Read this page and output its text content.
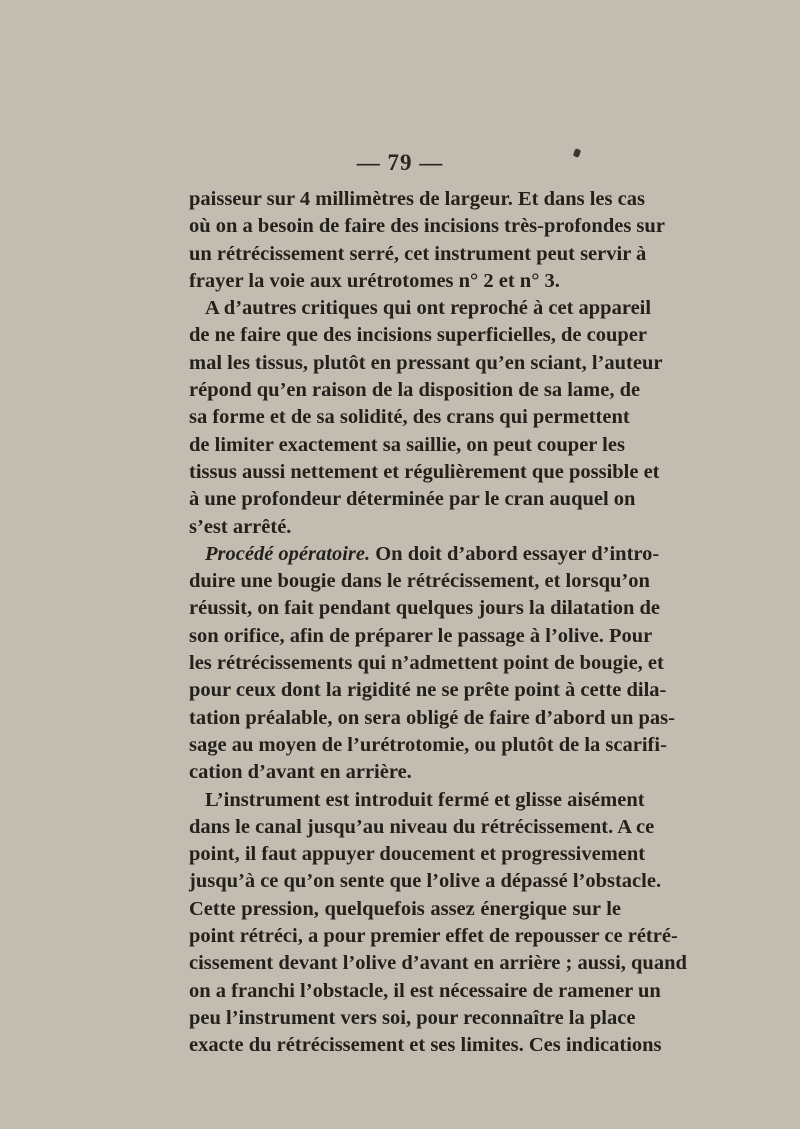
— 79 —
paisseur sur 4 millimètres de largeur. Et dans les cas
où on a besoin de faire des incisions très-profondes sur
un rétrécissement serré, cet instrument peut servir à
frayer la voie aux urétrotomes n° 2 et n° 3.
A d’autres critiques qui ont reproché à cet appareil
de ne faire que des incisions superficielles, de couper
mal les tissus, plutôt en pressant qu’en sciant, l’auteur
répond qu’en raison de la disposition de sa lame, de
sa forme et de sa solidité, des crans qui permettent
de limiter exactement sa saillie, on peut couper les
tissus aussi nettement et régulièrement que possible et
à une profondeur déterminée par le cran auquel on
s’est arrêté.
Procédé opératoire. On doit d’abord essayer d’intro-
duire une bougie dans le rétrécissement, et lorsqu’on
réussit, on fait pendant quelques jours la dilatation de
son orifice, afin de préparer le passage à l’olive. Pour
les rétrécissements qui n’admettent point de bougie, et
pour ceux dont la rigidité ne se prête point à cette dila-
tation préalable, on sera obligé de faire d’abord un pas-
sage au moyen de l’urétrotomie, ou plutôt de la scarifi-
cation d’avant en arrière.
L’instrument est introduit fermé et glisse aisément
dans le canal jusqu’au niveau du rétrécissement. A ce
point, il faut appuyer doucement et progressivement
jusqu’à ce qu’on sente que l’olive a dépassé l’obstacle.
Cette pression, quelquefois assez énergique sur le
point rétréci, a pour premier effet de repousser ce rétré-
cissement devant l’olive d’avant en arrière ; aussi, quand
on a franchi l’obstacle, il est nécessaire de ramener un
peu l’instrument vers soi, pour reconnaître la place
exacte du rétrécissement et ses limites. Ces indications
